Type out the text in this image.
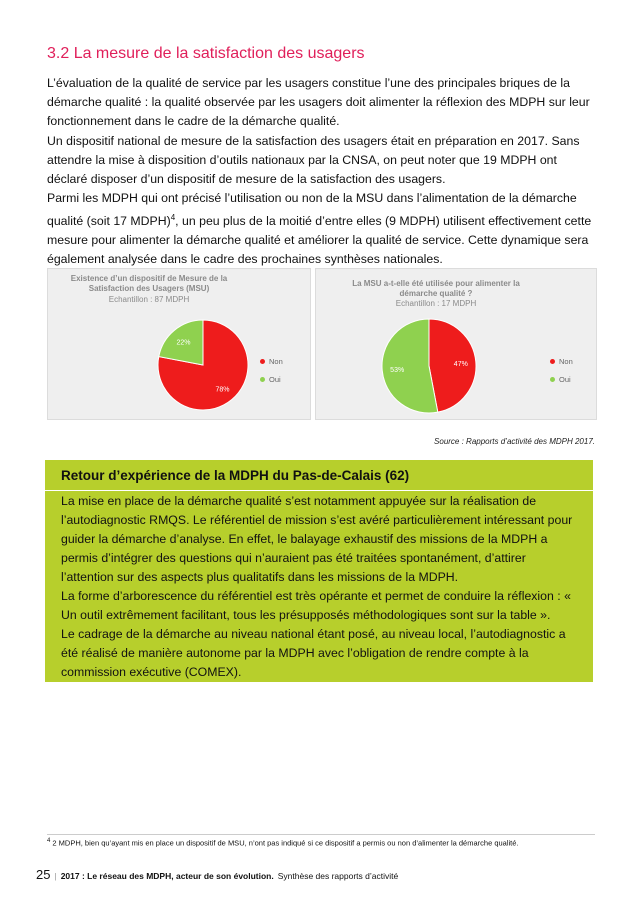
3.2 La mesure de la satisfaction des usagers

L’évaluation de la qualité de service par les usagers constitue l’une des principales briques de la démarche qualité : la qualité observée par les usagers doit alimenter la réflexion des MDPH sur leur fonctionnement dans le cadre de la démarche qualité.

Un dispositif national de mesure de la satisfaction des usagers était en préparation en 2017. Sans attendre la mise à disposition d’outils nationaux par la CNSA, on peut noter que 19 MDPH ont déclaré disposer d’un dispositif de mesure de la satisfaction des usagers.

Parmi les MDPH qui ont précisé l’utilisation ou non de la MSU dans l’alimentation de la démarche qualité (soit 17 MDPH)$^4$, un peu plus de la moitié d’entre elles (9 MDPH) utilisent effectivement cette mesure pour alimenter la démarche qualité et améliorer la qualité de service. Cette dynamique sera également analysée dans le cadre des prochaines synthèses nationales.

Existence d’un dispositif de Mesure de la
Satisfaction des Usagers (MSU)
Echantillon : 87 MDPH
78%
22%
Non
Oui
La MSU a-t-elle été utilisée pour alimenter la
démarche qualité ?
Echantillon : 17 MDPH
47%
53%
Non
Oui
Source : Rapports d’activité des MDPH 2017.
Retour d’expérience de la MDPH du Pas-de-Calais (62)
La mise en place de la démarche qualité s’est notamment appuyée sur la réalisation de l’autodiagnostic RMQS. Le référentiel de mission s’est avéré particulièrement intéressant pour guider la démarche d’analyse. En effet, le balayage exhaustif des missions de la MDPH a permis d’intégrer des questions qui n’auraient pas été traitées spontanément, d’attirer l’attention sur des aspects plus qualitatifs dans les missions de la MDPH.
La forme d’arborescence du référentiel est très opérante et permet de conduire la réflexion : « Un outil extrêmement facilitant, tous les présupposés méthodologiques sont sur la table ».
Le cadrage de la démarche au niveau national étant posé, au niveau local, l’autodiagnostic a été réalisé de manière autonome par la MDPH avec l’obligation de rendre compte à la commission exécutive (COMEX).
$^4$ 2 MDPH, bien qu’ayant mis en place un dispositif de MSU, n’ont pas indiqué si ce dispositif a permis ou non d’alimenter la démarche qualité.
25 | 2017 : Le réseau des MDPH, acteur de son évolution. Synthèse des rapports d’activité
